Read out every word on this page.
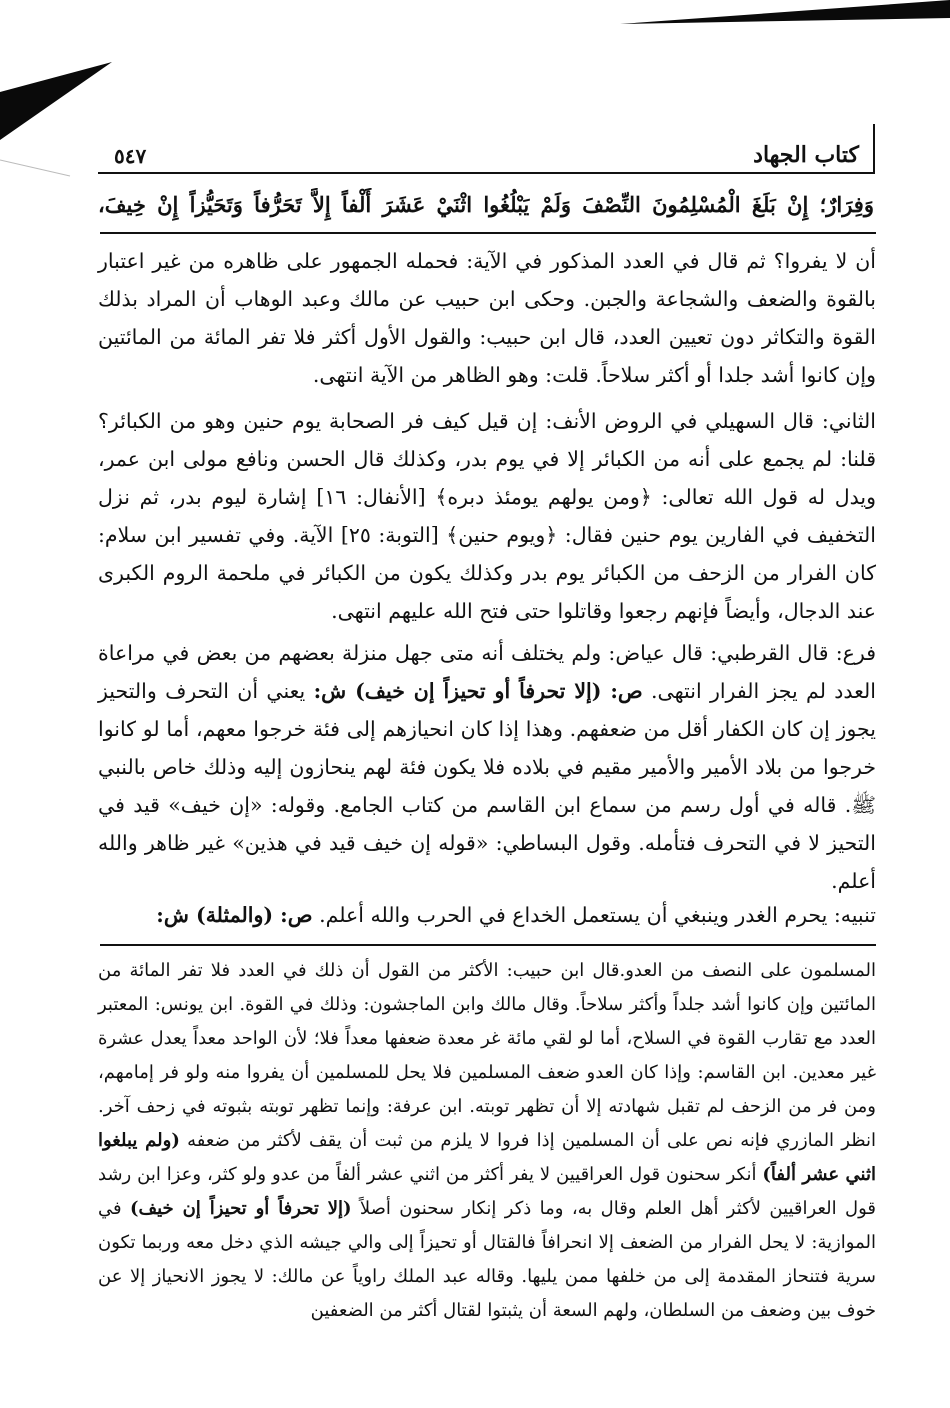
كتاب الجهاد
٥٤٧
وَفِرَارٌ؛ إِنْ بَلَغَ الْمُسْلِمُونَ النِّصْفَ وَلَمْ يَبْلُغُوا اثْنَيْ عَشَرَ أَلْفاً إِلاَّ تَحَرُّفاً وَتَحَيُّزاً إِنْ خِيفَ،
أن لا يفروا؟ ثم قال في العدد المذكور في الآية: فحمله الجمهور على ظاهره من غير اعتبار بالقوة والضعف والشجاعة والجبن. وحكى ابن حبيب عن مالك وعبد الوهاب أن المراد بذلك القوة والتكاثر دون تعيين العدد، قال ابن حبيب: والقول الأول أكثر فلا تفر المائة من المائتين وإن كانوا أشد جلدا أو أكثر سلاحاً. قلت: وهو الظاهر من الآية انتهى.
الثاني: قال السهيلي في الروض الأنف: إن قيل كيف فر الصحابة يوم حنين وهو من الكبائر؟ قلنا: لم يجمع على أنه من الكبائر إلا في يوم بدر، وكذلك قال الحسن ونافع مولى ابن عمر، ويدل له قول الله تعالى: ﴿ومن يولهم يومئذ دبره﴾ [الأنفال: ١٦] إشارة ليوم بدر، ثم نزل التخفيف في الفارين يوم حنين فقال: ﴿ويوم حنين﴾ [التوبة: ٢٥] الآية. وفي تفسير ابن سلام: كان الفرار من الزحف من الكبائر يوم بدر وكذلك يكون من الكبائر في ملحمة الروم الكبرى عند الدجال، وأيضاً فإنهم رجعوا وقاتلوا حتى فتح الله عليهم انتهى.
فرع: قال القرطبي: قال عياض: ولم يختلف أنه متى جهل منزلة بعضهم من بعض في مراعاة العدد لم يجز الفرار انتهى. ص: (إلا تحرفاً أو تحيزاً إن خيف) ش: يعني أن التحرف والتحيز يجوز إن كان الكفار أقل من ضعفهم. وهذا إذا كان انحيازهم إلى فئة خرجوا معهم، أما لو كانوا خرجوا من بلاد الأمير والأمير مقيم في بلاده فلا يكون فئة لهم ينحازون إليه وذلك خاص بالنبي ﷺ. قاله في أول رسم من سماع ابن القاسم من كتاب الجامع. وقوله: «إن خيف» قيد في التحيز لا في التحرف فتأمله. وقول البساطي: «قوله إن خيف قيد في هذين» غير ظاهر والله أعلم.
تنبيه: يحرم الغدر وينبغي أن يستعمل الخداع في الحرب والله أعلم. ص: (والمثلة) ش:
المسلمون على النصف من العدو.قال ابن حبيب: الأكثر من القول أن ذلك في العدد فلا تفر المائة من المائتين وإن كانوا أشد جلداً وأكثر سلاحاً. وقال مالك وابن الماجشون: وذلك في القوة. ابن يونس: المعتبر العدد مع تقارب القوة في السلاح، أما لو لقي مائة غر معدة ضعفها معداً فلا؛ لأن الواحد معداً يعدل عشرة غير معدين. ابن القاسم: وإذا كان العدو ضعف المسلمين فلا يحل للمسلمين أن يفروا منه ولو فر إمامهم، ومن فر من الزحف لم تقبل شهادته إلا أن تظهر توبته. ابن عرفة: وإنما تظهر توبته بثبوته في زحف آخر. انظر المازري فإنه نص على أن المسلمين إذا فروا لا يلزم من ثبت أن يقف لأكثر من ضعفه (ولم يبلغوا اثني عشر ألفاً) أنكر سحنون قول العراقيين لا يفر أكثر من اثني عشر ألفاً من عدو ولو كثر، وعزا ابن رشد قول العراقيين لأكثر أهل العلم وقال به، وما ذكر إنكار سحنون أصلاً (إلا تحرفاً أو تحيزاً إن خيف) في الموازية: لا يحل الفرار من الضعف إلا انحرافاً فالقتال أو تحيزاً إلى والي جيشه الذي دخل معه وربما تكون سرية فتنحاز المقدمة إلى من خلفها ممن يليها. وقاله عبد الملك راوياً عن مالك: لا يجوز الانحياز إلا عن خوف بين وضعف من السلطان، ولهم السعة أن يثبتوا لقتال أكثر من الضعفين
